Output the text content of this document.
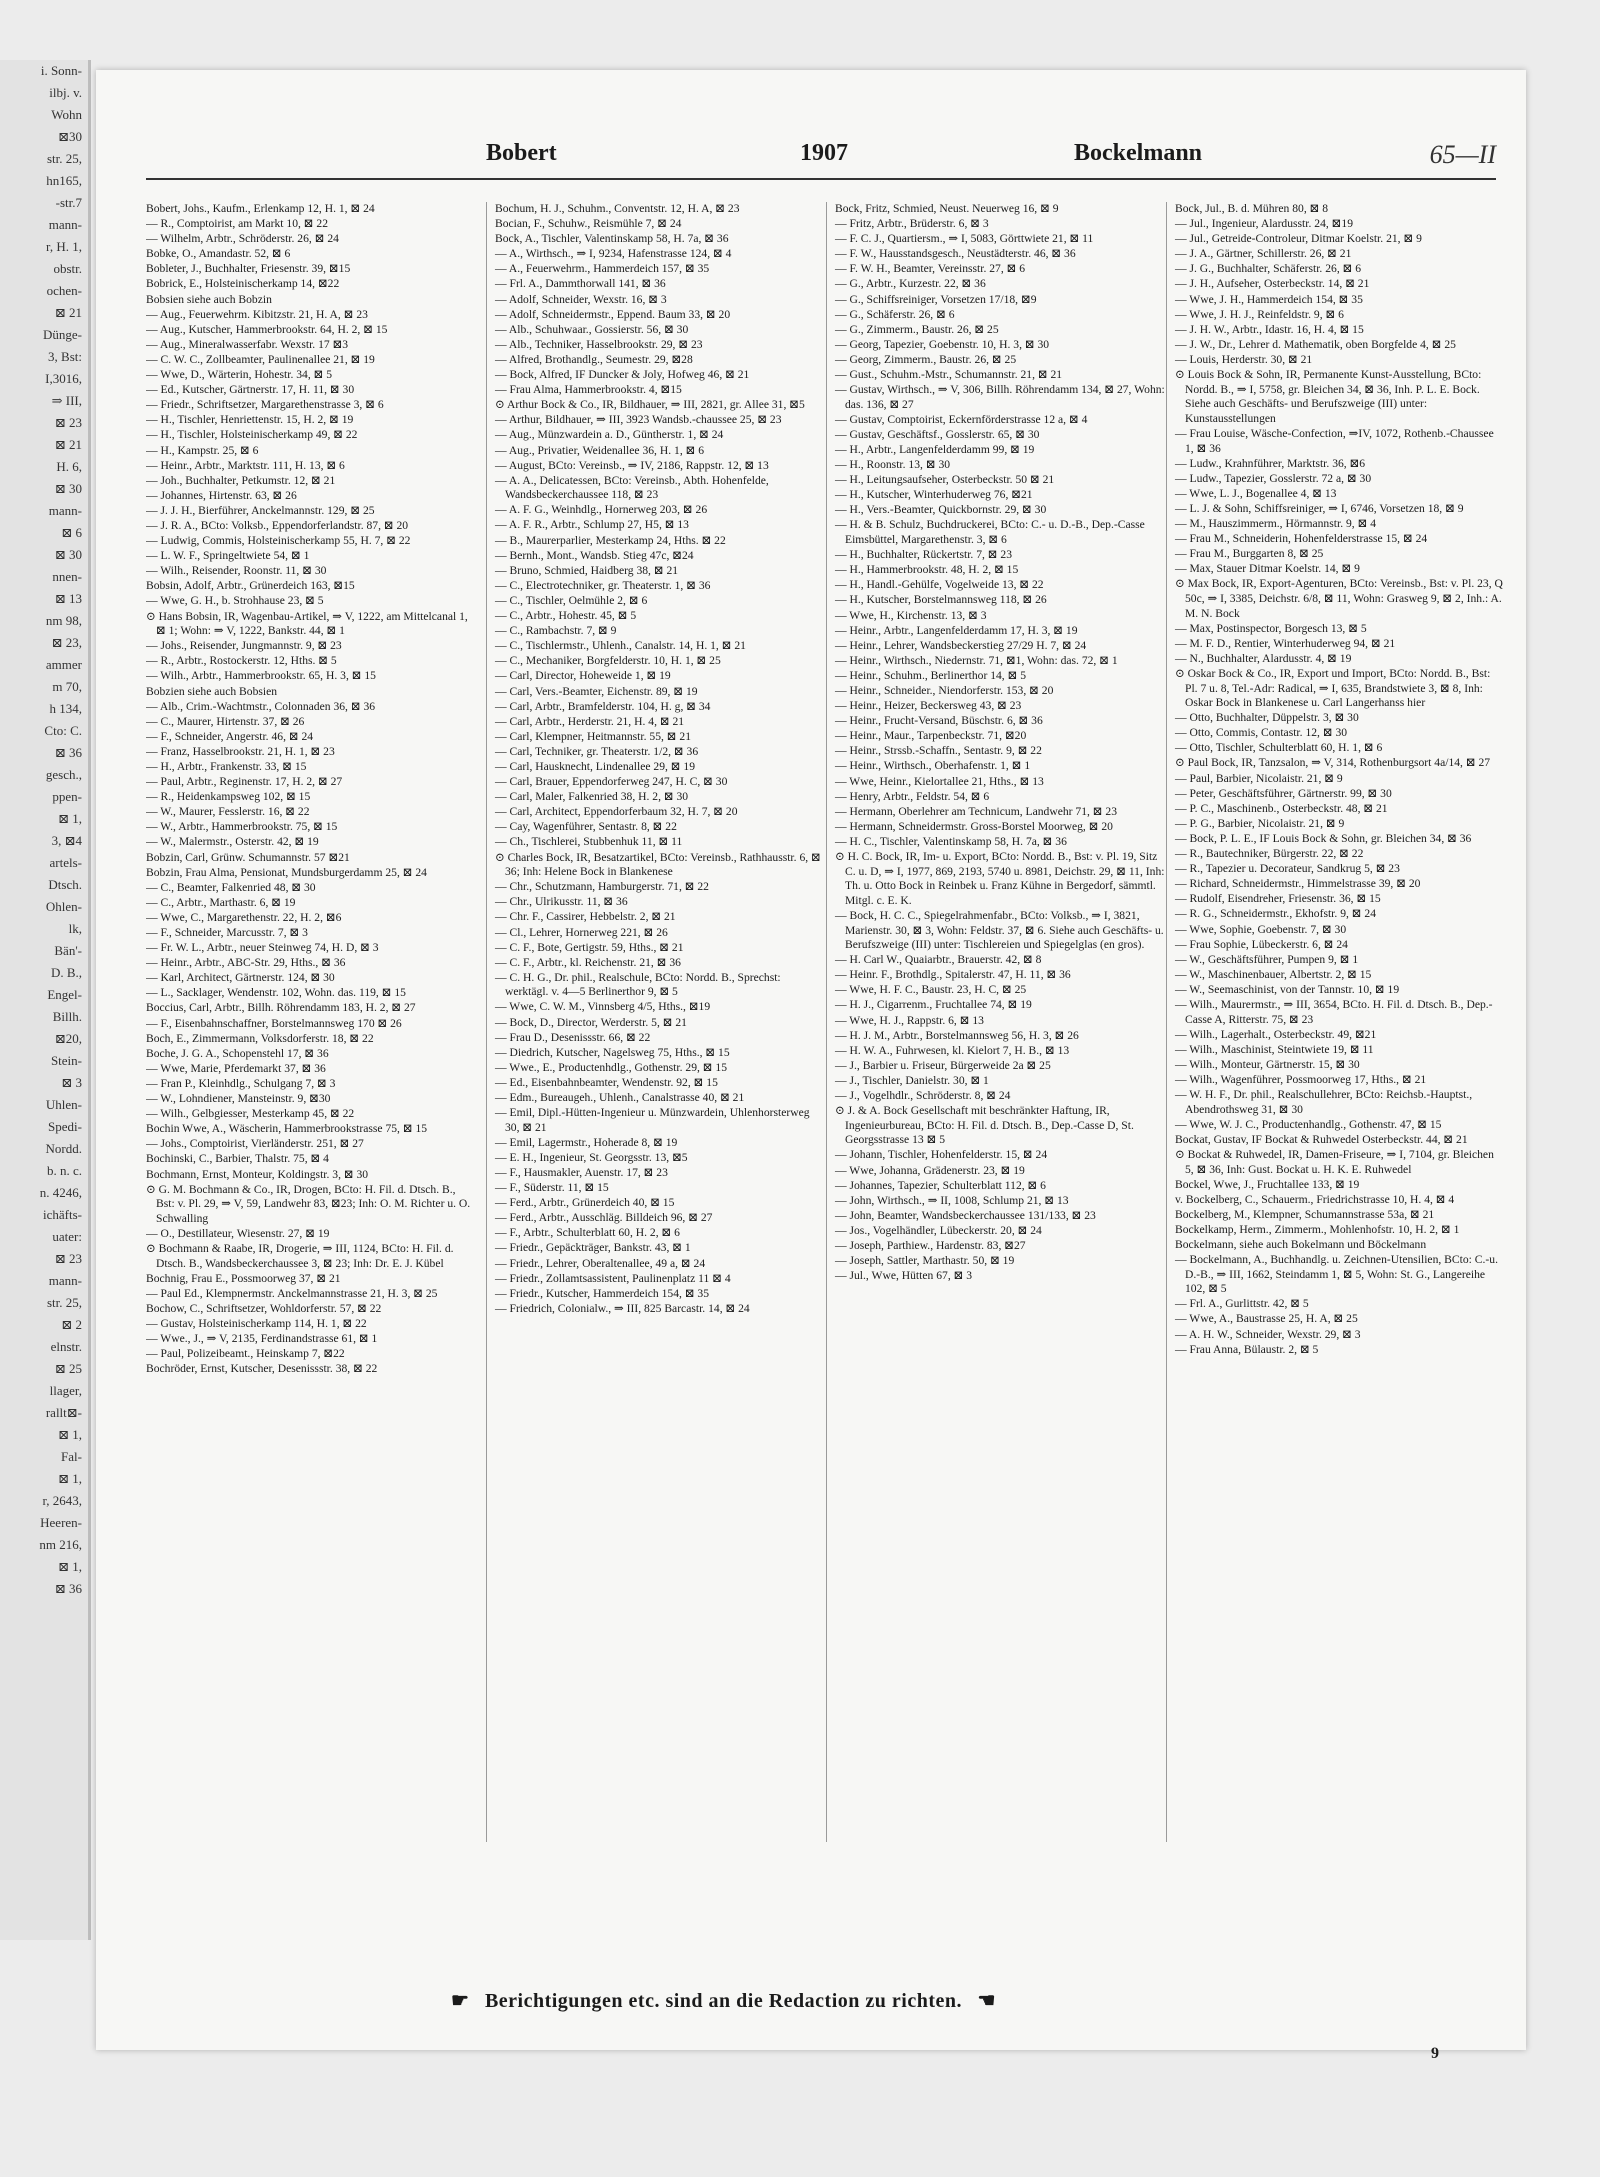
i. Sonn-
ilbj. v.
Wohn
⊠30
str. 25,
hn165,
-str.7
mann-
r, H. 1,
obstr.
ochen-
⊠ 21
Dünge-
3, Bst:
I,3016,
⇒ III,
⊠ 23
⊠ 21
H. 6,
⊠ 30
mann-
⊠ 6
⊠ 30
nnen-
⊠ 13
nm 98,
⊠ 23,
ammer
m 70,
h 134,
Cto: C.
⊠ 36
gesch.,
ppen-
⊠ 1,
3, ⊠4
artels-
Dtsch.
Ohlen-
lk,
Bän'-
D. B.,
Engel-
Billh.
⊠20,
Stein-
⊠ 3
Uhlen-
Spedi-
Nordd.
b. n. c.
n. 4246,
ichäfts-
uater:
⊠ 23
mann-
str. 25,
⊠ 2
elnstr.
⊠ 25
llager,
rallt⊠-
⊠ 1,
Fal-
⊠ 1,
r, 2643,
Heeren-
nm 216,
⊠ 1,
⊠ 36
Bobert	1907	Bockelmann	65—II
Bobert, Johs., Kaufm., Erlenkamp 12, H. 1, ⊠ 24
— R., Comptoirist, am Markt 10, ⊠ 22
— Wilhelm, Arbtr., Schröderstr. 26, ⊠ 24
Bobke, O., Amandastr. 52, ⊠ 6
Bobleter, J., Buchhalter, Friesenstr. 39, ⊠15
Bobrick, E., Holsteinischerkamp 14, ⊠22
Bobsien siehe auch Bobzin
— Aug., Feuerwehrm. Kibitzstr. 21, H. A, ⊠ 23
— Aug., Kutscher, Hammerbrookstr. 64, H. 2, ⊠ 15
— Aug., Mineralwasserfabr. Wexstr. 17 ⊠3
— C. W. C., Zollbeamter, Paulinenallee 21, ⊠ 19
— Wwe, D., Wärterin, Hohestr. 34, ⊠ 5
— Ed., Kutscher, Gärtnerstr. 17, H. 11, ⊠ 30
— Friedr., Schriftsetzer, Margarethenstrasse 3, ⊠ 6
— H., Tischler, Henriettenstr. 15, H. 2, ⊠ 19
— H., Tischler, Holsteinischerkamp 49, ⊠ 22
— H., Kampstr. 25, ⊠ 6
— Heinr., Arbtr., Marktstr. 111, H. 13, ⊠ 6
— Joh., Buchhalter, Petkumstr. 12, ⊠ 21
— Johannes, Hirtenstr. 63, ⊠ 26
— J. J. H., Bierführer, Anckelmannstr. 129, ⊠ 25
— J. R. A., BCto: Volksb., Eppendorferlandstr. 87, ⊠ 20
— Ludwig, Commis, Holsteinischerkamp 55, H. 7, ⊠ 22
— L. W. F., Springeltwiete 54, ⊠ 1
— Wilh., Reisender, Roonstr. 11, ⊠ 30
Bobsin, Adolf, Arbtr., Grünerdeich 163, ⊠15
— Wwe, G. H., b. Strohhause 23, ⊠ 5
⊙ Hans Bobsin, IR, Wagenbau-Artikel, ⇒ V, 1222, am Mittelcanal 1, ⊠ 1; Wohn: ⇒ V, 1222, Bankstr. 44, ⊠ 1
— Johs., Reisender, Jungmannstr. 9, ⊠ 23
— R., Arbtr., Rostockerstr. 12, Hths. ⊠ 5
— Wilh., Arbtr., Hammerbrookstr. 65, H. 3, ⊠ 15
Bobzien siehe auch Bobsien
— Alb., Crim.-Wachtmstr., Colonnaden 36, ⊠ 36
— C., Maurer, Hirtenstr. 37, ⊠ 26
— F., Schneider, Angerstr. 46, ⊠ 24
— Franz, Hasselbrookstr. 21, H. 1, ⊠ 23
— H., Arbtr., Frankenstr. 33, ⊠ 15
— Paul, Arbtr., Reginenstr. 17, H. 2, ⊠ 27
— R., Heidenkampsweg 102, ⊠ 15
— W., Maurer, Fesslerstr. 16, ⊠ 22
— W., Arbtr., Hammerbrookstr. 75, ⊠ 15
— W., Malermstr., Osterstr. 42, ⊠ 19
Bobzin, Carl, Grünw. Schumannstr. 57 ⊠21
Bobzin, Frau Alma, Pensionat, Mundsburgerdamm 25, ⊠ 24
— C., Beamter, Falkenried 48, ⊠ 30
— C., Arbtr., Marthastr. 6, ⊠ 19
— Wwe, C., Margarethenstr. 22, H. 2, ⊠6
— F., Schneider, Marcusstr. 7, ⊠ 3
— Fr. W. L., Arbtr., neuer Steinweg 74, H. D, ⊠ 3
— Heinr., Arbtr., ABC-Str. 29, Hths., ⊠ 36
— Karl, Architect, Gärtnerstr. 124, ⊠ 30
— L., Sacklager, Wendenstr. 102, Wohn. das. 119, ⊠ 15
Boccius, Carl, Arbtr., Billh. Röhrendamm 183, H. 2, ⊠ 27
— F., Eisenbahnschaffner, Borstelmannsweg 170 ⊠ 26
Boch, E., Zimmermann, Volksdorferstr. 18, ⊠ 22
Boche, J. G. A., Schopenstehl 17, ⊠ 36
— Wwe, Marie, Pferdemarkt 37, ⊠ 36
— Fran P., Kleinhdlg., Schulgang 7, ⊠ 3
— W., Lohndiener, Mansteinstr. 9, ⊠30
— Wilh., Gelbgiesser, Mesterkamp 45, ⊠ 22
Bochin Wwe, A., Wäscherin, Hammerbrookstrasse 75, ⊠ 15
— Johs., Comptoirist, Vierländerstr. 251, ⊠ 27
Bochinski, C., Barbier, Thalstr. 75, ⊠ 4
Bochmann, Ernst, Monteur, Koldingstr. 3, ⊠ 30
⊙ G. M. Bochmann & Co., IR, Drogen, BCto: H. Fil. d. Dtsch. B., Bst: v. Pl. 29, ⇒ V, 59, Landwehr 83, ⊠23; Inh: O. M. Richter u. O. Schwalling
— O., Destillateur, Wiesenstr. 27, ⊠ 19
⊙ Bochmann & Raabe, IR, Drogerie, ⇒ III, 1124, BCto: H. Fil. d. Dtsch. B., Wandsbeckerchaussee 3, ⊠ 23; Inh: Dr. E. J. Kübel
Bochnig, Frau E., Possmoorweg 37, ⊠ 21
— Paul Ed., Klempnermstr. Anckelmannstrasse 21, H. 3, ⊠ 25
Bochow, C., Schriftsetzer, Wohldorferstr. 57, ⊠ 22
— Gustav, Holsteinischerkamp 114, H. 1, ⊠ 22
— Wwe., J., ⇒ V, 2135, Ferdinandstrasse 61, ⊠ 1
— Paul, Polizeibeamt., Heinskamp 7, ⊠22
Bochröder, Ernst, Kutscher, Desenissstr. 38, ⊠ 22
Bochum, H. J., Schuhm., Conventstr. 12, H. A, ⊠ 23
Bocian, F., Schuhw., Reismühle 7, ⊠ 24
Bock, A., Tischler, Valentinskamp 58, H. 7a, ⊠ 36
— A., Wirthsch., ⇒ I, 9234, Hafenstrasse 124, ⊠ 4
— A., Feuerwehrm., Hammerdeich 157, ⊠ 35
— Frl. A., Dammthorwall 141, ⊠ 36
— Adolf, Schneider, Wexstr. 16, ⊠ 3
— Adolf, Schneidermstr., Eppend. Baum 33, ⊠ 20
— Alb., Schuhwaar., Gossierstr. 56, ⊠ 30
— Alb., Techniker, Hasselbrookstr. 29, ⊠ 23
— Alfred, Brothandlg., Seumestr. 29, ⊠28
— Bock, Alfred, IF Duncker & Joly, Hofweg 46, ⊠ 21
— Frau Alma, Hammerbrookstr. 4, ⊠15
⊙ Arthur Bock & Co., IR, Bildhauer, ⇒ III, 2821, gr. Allee 31, ⊠5
— Arthur, Bildhauer, ⇒ III, 3923 Wandsb.-chaussee 25, ⊠ 23
— Aug., Münzwardein a. D., Güntherstr. 1, ⊠ 24
— Aug., Privatier, Weidenallee 36, H. 1, ⊠ 6
— August, BCto: Vereinsb., ⇒ IV, 2186, Rappstr. 12, ⊠ 13
— A. A., Delicatessen, BCto: Vereinsb., Abth. Hohenfelde, Wandsbeckerchaussee 118, ⊠ 23
— A. F. G., Weinhdlg., Hornerweg 203, ⊠ 26
— A. F. R., Arbtr., Schlump 27, H5, ⊠ 13
— B., Maurerparlier, Mesterkamp 24, Hths. ⊠ 22
— Bernh., Mont., Wandsb. Stieg 47c, ⊠24
— Bruno, Schmied, Haidberg 38, ⊠ 21
— C., Electrotechniker, gr. Theaterstr. 1, ⊠ 36
— C., Tischler, Oelmühle 2, ⊠ 6
— C., Arbtr., Hohestr. 45, ⊠ 5
— C., Rambachstr. 7, ⊠ 9
— C., Tischlermstr., Uhlenh., Canalstr. 14, H. 1, ⊠ 21
— C., Mechaniker, Borgfelderstr. 10, H. 1, ⊠ 25
— Carl, Director, Hoheweide 1, ⊠ 19
— Carl, Vers.-Beamter, Eichenstr. 89, ⊠ 19
— Carl, Arbtr., Bramfelderstr. 104, H. g, ⊠ 34
— Carl, Arbtr., Herderstr. 21, H. 4, ⊠ 21
— Carl, Klempner, Heitmannstr. 55, ⊠ 21
— Carl, Techniker, gr. Theaterstr. 1/2, ⊠ 36
— Carl, Hausknecht, Lindenallee 29, ⊠ 19
— Carl, Brauer, Eppendorferweg 247, H. C, ⊠ 30
— Carl, Maler, Falkenried 38, H. 2, ⊠ 30
— Carl, Architect, Eppendorferbaum 32, H. 7, ⊠ 20
— Cay, Wagenführer, Sentastr. 8, ⊠ 22
— Ch., Tischlerei, Stubbenhuk 11, ⊠ 11
⊙ Charles Bock, IR, Besatzartikel, BCto: Vereinsb., Rathhausstr. 6, ⊠ 36; Inh: Helene Bock in Blankenese
— Chr., Schutzmann, Hamburgerstr. 71, ⊠ 22
— Chr., Ulrikusstr. 11, ⊠ 36
— Chr. F., Cassirer, Hebbelstr. 2, ⊠ 21
— Cl., Lehrer, Hornerweg 221, ⊠ 26
— C. F., Bote, Gertigstr. 59, Hths., ⊠ 21
— C. F., Arbtr., kl. Reichenstr. 21, ⊠ 36
— C. H. G., Dr. phil., Realschule, BCto: Nordd. B., Sprechst: werktägl. v. 4—5 Berlinerthor 9, ⊠ 5
— Wwe, C. W. M., Vinnsberg 4/5, Hths., ⊠19
— Bock, D., Director, Werderstr. 5, ⊠ 21
— Frau D., Desenissstr. 66, ⊠ 22
— Diedrich, Kutscher, Nagelsweg 75, Hths., ⊠ 15
— Wwe., E., Productenhdlg., Gothenstr. 29, ⊠ 15
— Ed., Eisenbahnbeamter, Wendenstr. 92, ⊠ 15
— Edm., Bureaugeh., Uhlenh., Canalstrasse 40, ⊠ 21
— Emil, Dipl.-Hütten-Ingenieur u. Münzwardein, Uhlenhorsterweg 30, ⊠ 21
— Emil, Lagermstr., Hoherade 8, ⊠ 19
— E. H., Ingenieur, St. Georgsstr. 13, ⊠5
— F., Hausmakler, Auenstr. 17, ⊠ 23
— F., Süderstr. 11, ⊠ 15
— Ferd., Arbtr., Grünerdeich 40, ⊠ 15
— Ferd., Arbtr., Ausschläg. Billdeich 96, ⊠ 27
— F., Arbtr., Schulterblatt 60, H. 2, ⊠ 6
— Friedr., Gepäckträger, Bankstr. 43, ⊠ 1
— Friedr., Lehrer, Oberaltenallee, 49 a, ⊠ 24
— Friedr., Zollamtsassistent, Paulinenplatz 11 ⊠ 4
— Friedr., Kutscher, Hammerdeich 154, ⊠ 35
— Friedrich, Colonialw., ⇒ III, 825 Barcastr. 14, ⊠ 24
Bock, Fritz, Schmied, Neust. Neuerweg 16, ⊠ 9
— Fritz, Arbtr., Brüderstr. 6, ⊠ 3
— F. C. J., Quartiersm., ⇒ I, 5083, Görttwiete 21, ⊠ 11
— F. W., Hausstandsgesch., Neustädterstr. 46, ⊠ 36
— F. W. H., Beamter, Vereinsstr. 27, ⊠ 6
— G., Arbtr., Kurzestr. 22, ⊠ 36
— G., Schiffsreiniger, Vorsetzen 17/18, ⊠9
— G., Schäferstr. 26, ⊠ 6
— G., Zimmerm., Baustr. 26, ⊠ 25
— Georg, Tapezier, Goebenstr. 10, H. 3, ⊠ 30
— Georg, Zimmerm., Baustr. 26, ⊠ 25
— Gust., Schuhm.-Mstr., Schumannstr. 21, ⊠ 21
— Gustav, Wirthsch., ⇒ V, 306, Billh. Röhrendamm 134, ⊠ 27, Wohn: das. 136, ⊠ 27
— Gustav, Comptoirist, Eckernförderstrasse 12 a, ⊠ 4
— Gustav, Geschäftsf., Gosslerstr. 65, ⊠ 30
— H., Arbtr., Langenfelderdamm 99, ⊠ 19
— H., Roonstr. 13, ⊠ 30
— H., Leitungsaufseher, Osterbeckstr. 50 ⊠ 21
— H., Kutscher, Winterhuderweg 76, ⊠21
— H., Vers.-Beamter, Quickbornstr. 29, ⊠ 30
— H. & B. Schulz, Buchdruckerei, BCto: C.- u. D.-B., Dep.-Casse Eimsbüttel, Margarethenstr. 3, ⊠ 6
— H., Buchhalter, Rückertstr. 7, ⊠ 23
— H., Hammerbrookstr. 48, H. 2, ⊠ 15
— H., Handl.-Gehülfe, Vogelweide 13, ⊠ 22
— H., Kutscher, Borstelmannsweg 118, ⊠ 26
— Wwe, H., Kirchenstr. 13, ⊠ 3
— Heinr., Arbtr., Langenfelderdamm 17, H. 3, ⊠ 19
— Heinr., Lehrer, Wandsbeckerstieg 27/29 H. 7, ⊠ 24
— Heinr., Wirthsch., Niedernstr. 71, ⊠1, Wohn: das. 72, ⊠ 1
— Heinr., Schuhm., Berlinerthor 14, ⊠ 5
— Heinr., Schneider., Niendorferstr. 153, ⊠ 20
— Heinr., Heizer, Beckersweg 43, ⊠ 23
— Heinr., Frucht-Versand, Büschstr. 6, ⊠ 36
— Heinr., Maur., Tarpenbeckstr. 71, ⊠20
— Heinr., Strssb.-Schaffn., Sentastr. 9, ⊠ 22
— Heinr., Wirthsch., Oberhafenstr. 1, ⊠ 1
— Wwe, Heinr., Kielortallee 21, Hths., ⊠ 13
— Henry, Arbtr., Feldstr. 54, ⊠ 6
— Hermann, Oberlehrer am Technicum, Landwehr 71, ⊠ 23
— Hermann, Schneidermstr. Gross-Borstel Moorweg, ⊠ 20
— H. C., Tischler, Valentinskamp 58, H. 7a, ⊠ 36
⊙ H. C. Bock, IR, Im- u. Export, BCto: Nordd. B., Bst: v. Pl. 19, Sitz C. u. D, ⇒ I, 1977, 869, 2193, 5740 u. 8981, Deichstr. 29, ⊠ 11, Inh: Th. u. Otto Bock in Reinbek u. Franz Kühne in Bergedorf, sämmtl. Mitgl. c. E. K.
— Bock, H. C. C., Spiegelrahmenfabr., BCto: Volksb., ⇒ I, 3821, Marienstr. 30, ⊠ 3, Wohn: Feldstr. 37, ⊠ 6. Siehe auch Geschäfts- u. Berufszweige (III) unter: Tischlereien und Spiegelglas (en gros).
— H. Carl W., Quaiarbtr., Brauerstr. 42, ⊠ 8
— Heinr. F., Brothdlg., Spitalerstr. 47, H. 11, ⊠ 36
— Wwe, H. F. C., Baustr. 23, H. C, ⊠ 25
— H. J., Cigarrenm., Fruchtallee 74, ⊠ 19
— Wwe, H. J., Rappstr. 6, ⊠ 13
— H. J. M., Arbtr., Borstelmannsweg 56, H. 3, ⊠ 26
— H. W. A., Fuhrwesen, kl. Kielort 7, H. B., ⊠ 13
— J., Barbier u. Friseur, Bürgerweide 2a ⊠ 25
— J., Tischler, Danielstr. 30, ⊠ 1
— J., Vogelhdlr., Schröderstr. 8, ⊠ 24
⊙ J. & A. Bock Gesellschaft mit beschränkter Haftung, IR, Ingenieurbureau, BCto: H. Fil. d. Dtsch. B., Dep.-Casse D, St. Georgsstrasse 13 ⊠ 5
— Johann, Tischler, Hohenfelderstr. 15, ⊠ 24
— Wwe, Johanna, Grädenerstr. 23, ⊠ 19
— Johannes, Tapezier, Schulterblatt 112, ⊠ 6
— John, Wirthsch., ⇒ II, 1008, Schlump 21, ⊠ 13
— John, Beamter, Wandsbeckerchaussee 131/133, ⊠ 23
— Jos., Vogelhändler, Lübeckerstr. 20, ⊠ 24
— Joseph, Parthiew., Hardenstr. 83, ⊠27
— Joseph, Sattler, Marthastr. 50, ⊠ 19
— Jul., Wwe, Hütten 67, ⊠ 3
Bock, Jul., B. d. Mühren 80, ⊠ 8
— Jul., Ingenieur, Alardusstr. 24, ⊠19
— Jul., Getreide-Controleur, Ditmar Koelstr. 21, ⊠ 9
— J. A., Gärtner, Schillerstr. 26, ⊠ 21
— J. G., Buchhalter, Schäferstr. 26, ⊠ 6
— J. H., Aufseher, Osterbeckstr. 14, ⊠ 21
— Wwe, J. H., Hammerdeich 154, ⊠ 35
— Wwe, J. H. J., Reinfeldstr. 9, ⊠ 6
— J. H. W., Arbtr., Idastr. 16, H. 4, ⊠ 15
— J. W., Dr., Lehrer d. Mathematik, oben Borgfelde 4, ⊠ 25
— Louis, Herderstr. 30, ⊠ 21
⊙ Louis Bock & Sohn, IR, Permanente Kunst-Ausstellung, BCto: Nordd. B., ⇒ I, 5758, gr. Bleichen 34, ⊠ 36, Inh. P. L. E. Bock. Siehe auch Geschäfts- und Berufszweige (III) unter: Kunstausstellungen
— Frau Louise, Wäsche-Confection, ⇒IV, 1072, Rothenb.-Chaussee 1, ⊠ 36
— Ludw., Krahnführer, Marktstr. 36, ⊠6
— Ludw., Tapezier, Gosslerstr. 72 a, ⊠ 30
— Wwe, L. J., Bogenallee 4, ⊠ 13
— L. J. & Sohn, Schiffsreiniger, ⇒ I, 6746, Vorsetzen 18, ⊠ 9
— M., Hauszimmerm., Hörmannstr. 9, ⊠ 4
— Frau M., Schneiderin, Hohenfelderstrasse 15, ⊠ 24
— Frau M., Burggarten 8, ⊠ 25
— Max, Stauer Ditmar Koelstr. 14, ⊠ 9
⊙ Max Bock, IR, Export-Agenturen, BCto: Vereinsb., Bst: v. Pl. 23, Q 50c, ⇒ I, 3385, Deichstr. 6/8, ⊠ 11, Wohn: Grasweg 9, ⊠ 2, Inh.: A. M. N. Bock
— Max, Postinspector, Borgesch 13, ⊠ 5
— M. F. D., Rentier, Winterhuderweg 94, ⊠ 21
— N., Buchhalter, Alardusstr. 4, ⊠ 19
⊙ Oskar Bock & Co., IR, Export und Import, BCto: Nordd. B., Bst: Pl. 7 u. 8, Tel.-Adr: Radical, ⇒ I, 635, Brandstwiete 3, ⊠ 8, Inh: Oskar Bock in Blankenese u. Carl Langerhanss hier
— Otto, Buchhalter, Düppelstr. 3, ⊠ 30
— Otto, Commis, Contastr. 12, ⊠ 30
— Otto, Tischler, Schulterblatt 60, H. 1, ⊠ 6
⊙ Paul Bock, IR, Tanzsalon, ⇒ V, 314, Rothenburgsort 4a/14, ⊠ 27
— Paul, Barbier, Nicolaistr. 21, ⊠ 9
— Peter, Geschäftsführer, Gärtnerstr. 99, ⊠ 30
— P. C., Maschinenb., Osterbeckstr. 48, ⊠ 21
— P. G., Barbier, Nicolaistr. 21, ⊠ 9
— Bock, P. L. E., IF Louis Bock & Sohn, gr. Bleichen 34, ⊠ 36
— R., Bautechniker, Bürgerstr. 22, ⊠ 22
— R., Tapezier u. Decorateur, Sandkrug 5, ⊠ 23
— Richard, Schneidermstr., Himmelstrasse 39, ⊠ 20
— Rudolf, Eisendreher, Friesenstr. 36, ⊠ 15
— R. G., Schneidermstr., Ekhofstr. 9, ⊠ 24
— Wwe, Sophie, Goebenstr. 7, ⊠ 30
— Frau Sophie, Lübeckerstr. 6, ⊠ 24
— W., Geschäftsführer, Pumpen 9, ⊠ 1
— W., Maschinenbauer, Albertstr. 2, ⊠ 15
— W., Seemaschinist, von der Tannstr. 10, ⊠ 19
— Wilh., Maurermstr., ⇒ III, 3654, BCto. H. Fil. d. Dtsch. B., Dep.-Casse A, Ritterstr. 75, ⊠ 23
— Wilh., Lagerhalt., Osterbeckstr. 49, ⊠21
— Wilh., Maschinist, Steintwiete 19, ⊠ 11
— Wilh., Monteur, Gärtnerstr. 15, ⊠ 30
— Wilh., Wagenführer, Possmoorweg 17, Hths., ⊠ 21
— W. H. F., Dr. phil., Realschullehrer, BCto: Reichsb.-Hauptst., Abendrothsweg 31, ⊠ 30
— Wwe, W. J. C., Productenhandlg., Gothenstr. 47, ⊠ 15
Bockat, Gustav, IF Bockat & Ruhwedel Osterbeckstr. 44, ⊠ 21
⊙ Bockat & Ruhwedel, IR, Damen-Friseure, ⇒ I, 7104, gr. Bleichen 5, ⊠ 36, Inh: Gust. Bockat u. H. K. E. Ruhwedel
Bockel, Wwe, J., Fruchtallee 133, ⊠ 19
v. Bockelberg, C., Schauerm., Friedrichstrasse 10, H. 4, ⊠ 4
Bockelberg, M., Klempner, Schumannstrasse 53a, ⊠ 21
Bockelkamp, Herm., Zimmerm., Mohlenhofstr. 10, H. 2, ⊠ 1
Bockelmann, siehe auch Bokelmann und Böckelmann
— Bockelmann, A., Buchhandlg. u. Zeichnen-Utensilien, BCto: C.-u. D.-B., ⇒ III, 1662, Steindamm 1, ⊠ 5, Wohn: St. G., Langereihe 102, ⊠ 5
— Frl. A., Gurlittstr. 42, ⊠ 5
— Wwe, A., Baustrasse 25, H. A, ⊠ 25
— A. H. W., Schneider, Wexstr. 29, ⊠ 3
— Frau Anna, Bülaustr. 2, ⊠ 5
☛ Berichtigungen etc. sind an die Redaction zu richten. ☚
9
